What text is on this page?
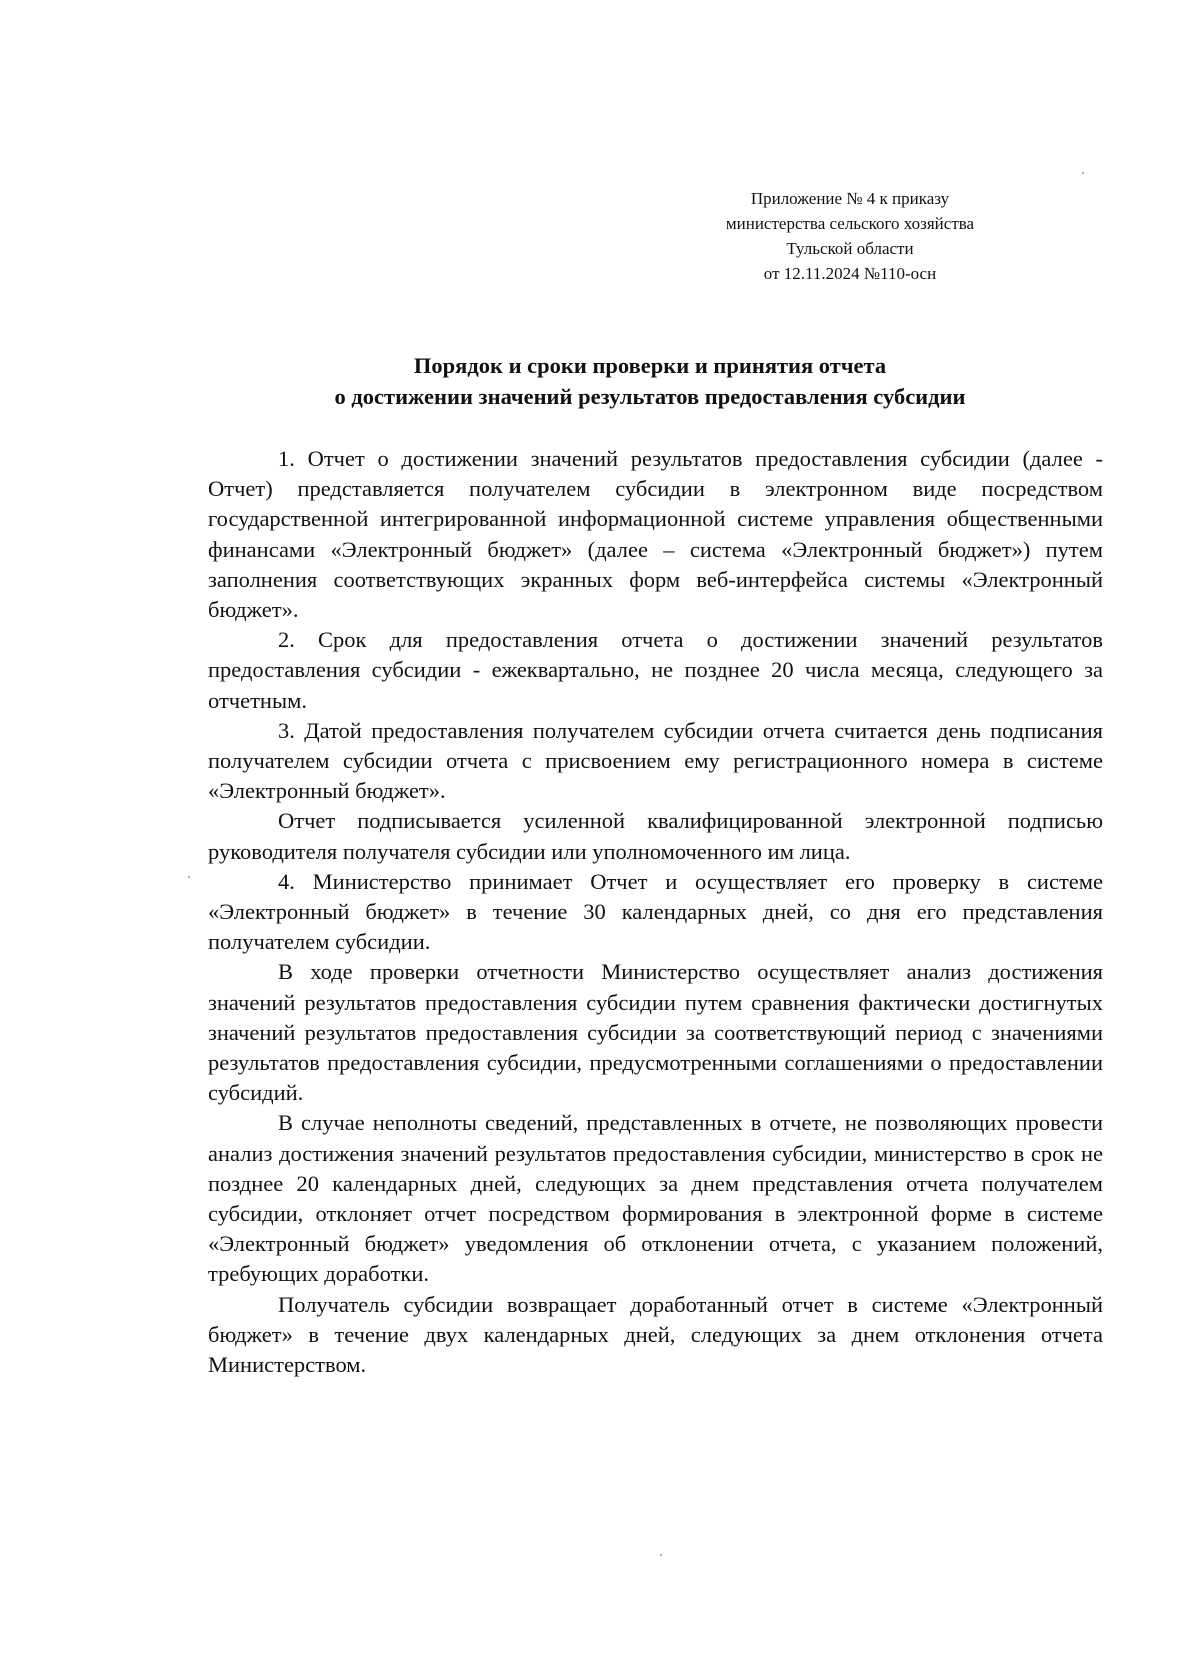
Приложение № 4 к приказу
министерства сельского хозяйства
Тульской области
от 12.11.2024 №110-осн
Порядок и сроки проверки и принятия отчета
о достижении значений результатов предоставления субсидии

1. Отчет о достижении значений результатов предоставления субсидии (далее - Отчет) представляется получателем субсидии в электронном виде посредством государственной интегрированной информационной системе управления общественными финансами «Электронный бюджет» (далее – система «Электронный бюджет») путем заполнения соответствующих экранных форм веб-интерфейса системы «Электронный бюджет».

2. Срок для предоставления отчета о достижении значений результатов предоставления субсидии - ежеквартально, не позднее 20 числа месяца, следующего за отчетным.

3. Датой предоставления получателем субсидии отчета считается день подписания получателем субсидии отчета с присвоением ему регистрационного номера в системе «Электронный бюджет».

Отчет подписывается усиленной квалифицированной электронной подписью руководителя получателя субсидии или уполномоченного им лица.

4. Министерство принимает Отчет и осуществляет его проверку в системе «Электронный бюджет» в течение 30 календарных дней, со дня его представления получателем субсидии.

В ходе проверки отчетности Министерство осуществляет анализ достижения значений результатов предоставления субсидии путем сравнения фактически достигнутых значений результатов предоставления субсидии за соответствующий период с значениями результатов предоставления субсидии, предусмотренными соглашениями о предоставлении субсидий.

В случае неполноты сведений, представленных в отчете, не позволяющих провести анализ достижения значений результатов предоставления субсидии, министерство в срок не позднее 20 календарных дней, следующих за днем представления отчета получателем субсидии, отклоняет отчет посредством формирования в электронной форме в системе «Электронный бюджет» уведомления об отклонении отчета, с указанием положений, требующих доработки.

Получатель субсидии возвращает доработанный отчет в системе «Электронный бюджет» в течение двух календарных дней, следующих за днем отклонения отчета Министерством.
